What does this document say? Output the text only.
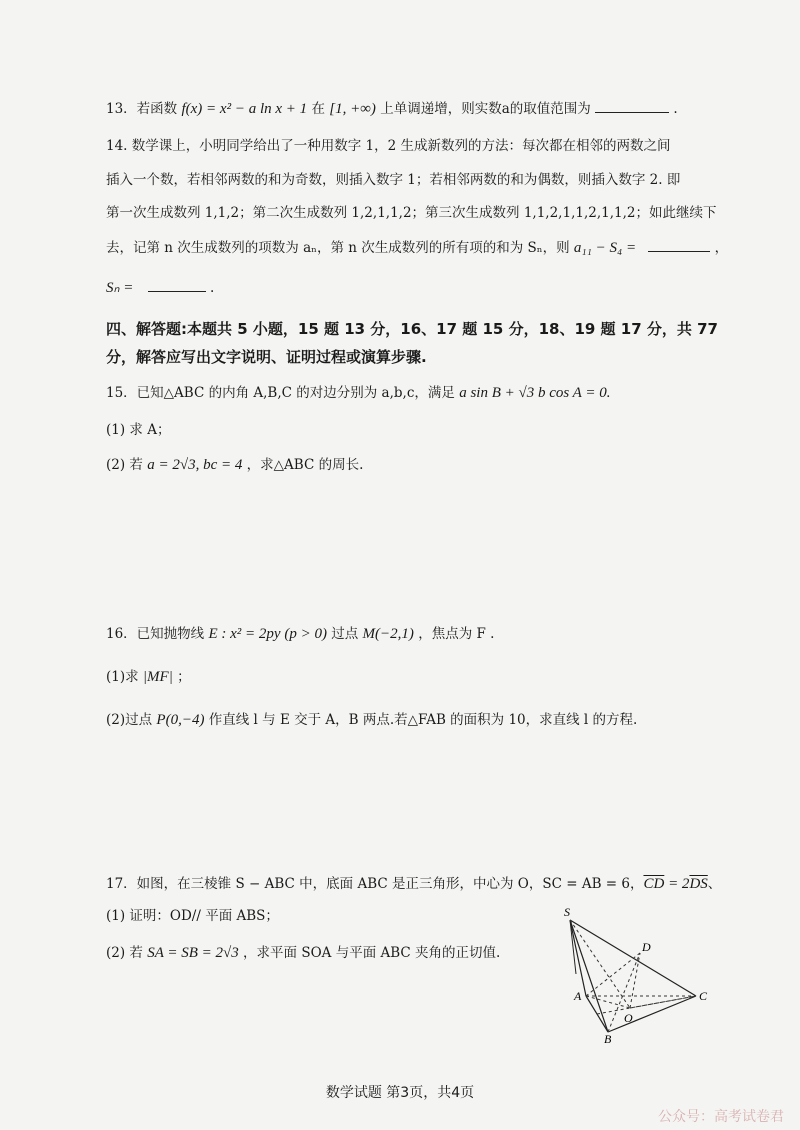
13．若函数 f(x) = x² − a ln x + 1 在 [1, +∞) 上单调递增，则实数a的取值范围为	.
14. 数学课上，小明同学给出了一种用数字 1，2 生成新数列的方法：每次都在相邻的两数之间
插入一个数，若相邻两数的和为奇数，则插入数字 1；若相邻两数的和为偶数，则插入数字 2. 即
第一次生成数列 1,1,2；第二次生成数列 1,2,1,1,2；第三次生成数列 1,1,2,1,1,2,1,1,2；如此继续下
去，记第 n 次生成数列的项数为 aₙ，第 n 次生成数列的所有项的和为 Sₙ，则 a₁₁ − S₄ =	，
Sₙ =	.
四、解答题:本题共 5 小题，15 题 13 分，16、17 题 15 分，18、19 题 17 分，共 77
分，解答应写出文字说明、证明过程或演算步骤.
15．已知△ABC 的内角 A,B,C 的对边分别为 a,b,c，满足 a sin B + √3 b cos A = 0.
(1) 求 A；
(2) 若 a = 2√3, bc = 4 ，求△ABC 的周长.
16．已知抛物线 E : x² = 2py (p > 0) 过点 M(−2,1) ，焦点为 F .
(1)求 |MF| ；
(2)过点 P(0,−4) 作直线 l 与 E 交于 A，B 两点.若△FAB 的面积为 10，求直线 l 的方程.
17．如图，在三棱锥 S − ABC 中，底面 ABC 是正三角形，中心为 O，SC = AB = 6，$\overline{CD} = 2\overline{DS}$、
(1) 证明：OD// 平面 ABS；
(2) 若 SA = SB = 2√3 ，求平面 SOA 与平面 ABC 夹角的正切值.
S
D
A
O
C
B
数学试题 第3页，共4页
公众号：高考试卷君
